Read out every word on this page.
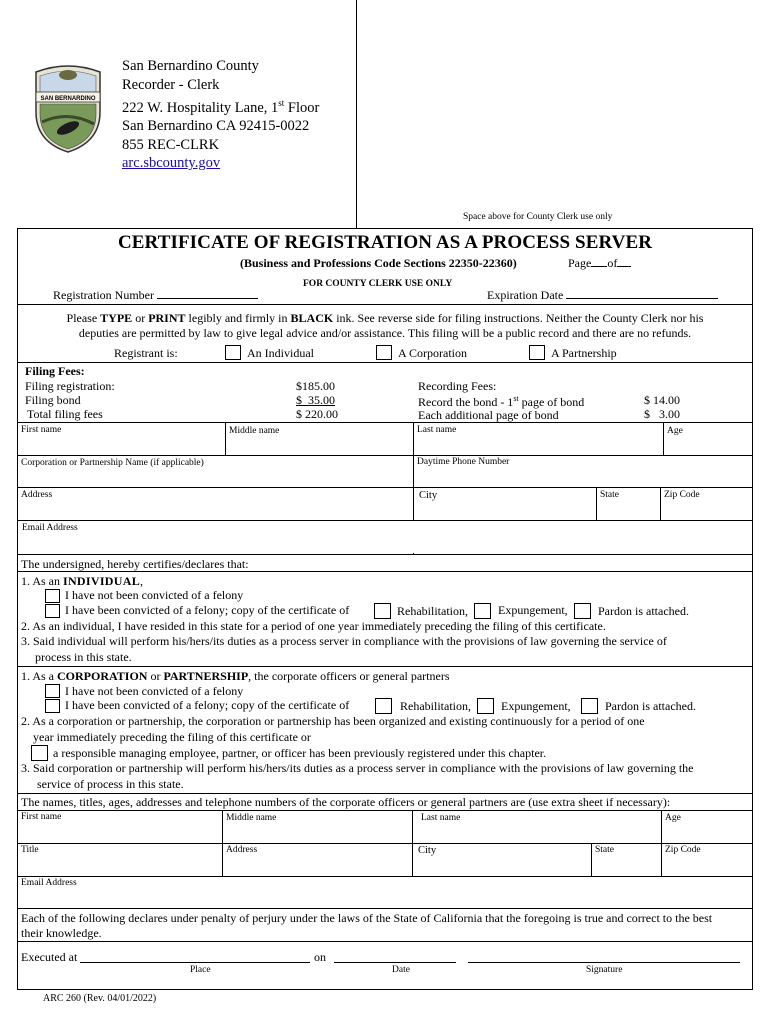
SAN BERNARDINO
San Bernardino County
Recorder - Clerk
222 W. Hospitality Lane, 1st Floor
San Bernardino CA 92415-0022
855 REC-CLRK
arc.sbcounty.gov
Space above for County Clerk use only
CERTIFICATE OF REGISTRATION AS A PROCESS SERVER
(Business and Professions Code Sections 22350-22360)	Page of
FOR COUNTY CLERK USE ONLY
Registration Number	Expiration Date
Please TYPE or PRINT legibly and firmly in BLACK ink. See reverse side for filing instructions. Neither the County Clerk nor his
deputies are permitted by law to give legal advice and/or assistance. This filing will be a public record and there are no refunds.
Registrant is:	An Individual	A Corporation	A Partnership
Filing Fees:
Filing registration:	$185.00
Filing bond	$  35.00
Total filing fees	$ 220.00
Recording Fees:
Record the bond - 1st page of bond	$ 14.00
Each additional page of bond	$   3.00
First name	Middle name	Last name	Age
Corporation or Partnership Name (if applicable)	Daytime Phone Number
Address	City	State	Zip Code
Email Address
The undersigned, hereby certifies/declares that:
1. As an INDIVIDUAL,
I have not been convicted of a felony
I have been convicted of a felony; copy of the certificate of	Rehabilitation,	Expungement,	Pardon is attached.
2. As an individual, I have resided in this state for a period of one year immediately preceding the filing of this certificate.
3. Said individual will perform his/hers/its duties as a process server in compliance with the provisions of law governing the service of
process in this state.
1. As a CORPORATION or PARTNERSHIP, the corporate officers or general partners
I have not been convicted of a felony
I have been convicted of a felony; copy of the certificate of	Rehabilitation,	Expungement,	Pardon is attached.
2. As a corporation or partnership, the corporation or partnership has been organized and existing continuously for a period of one
year immediately preceding the filing of this certificate or
a responsible managing employee, partner, or officer has been previously registered under this chapter.
3. Said corporation or partnership will perform his/hers/its duties as a process server in compliance with the provisions of law governing the
service of process in this state.
The names, titles, ages, addresses and telephone numbers of the corporate officers or general partners are (use extra sheet if necessary):
First name	Middle name	Last name	Age
Title	Address	City	State	Zip Code
Email Address
Each of the following declares under penalty of perjury under the laws of the State of California that the foregoing is true and correct to the best
their knowledge.
Executed at	on
Place	Date	Signature
ARC 260 (Rev. 04/01/2022)
